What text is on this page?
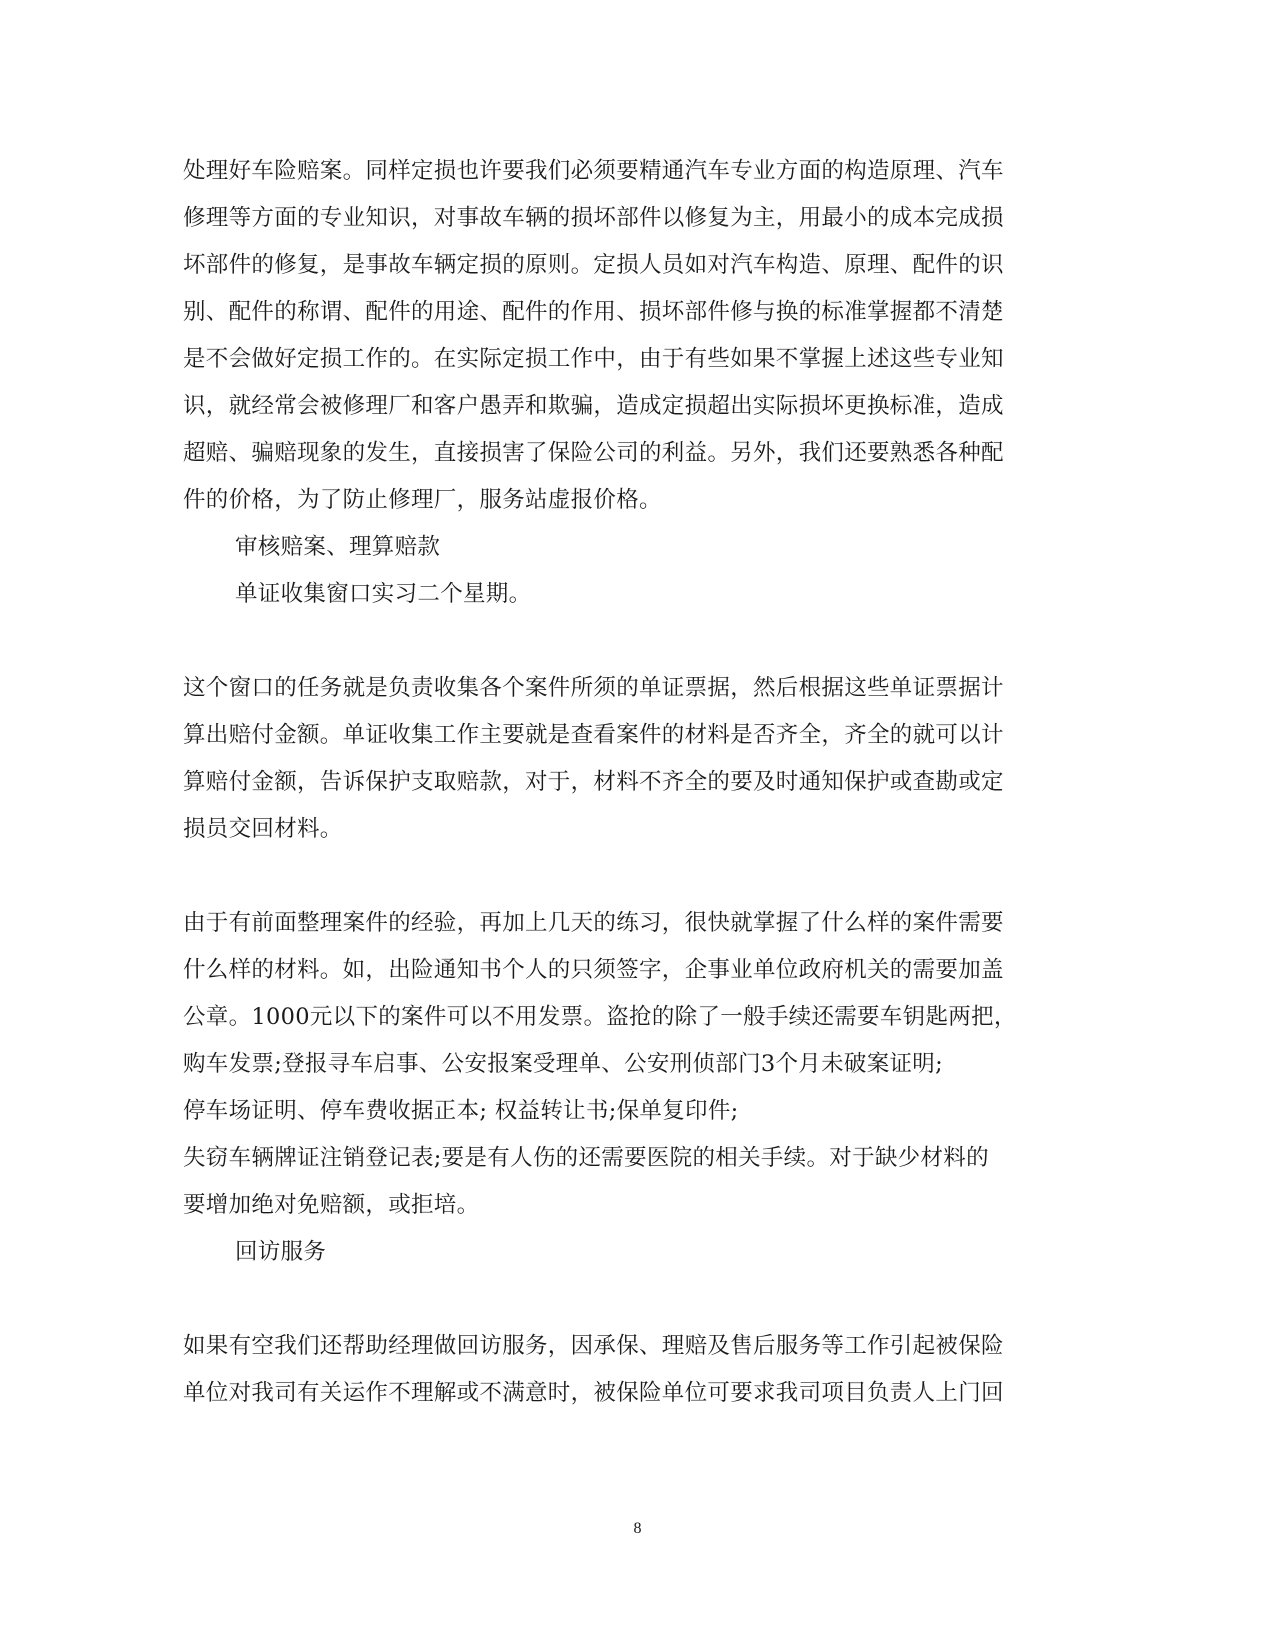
处理好车险赔案。同样定损也许要我们必须要精通汽车专业方面的构造原理、汽车
修理等方面的专业知识，对事故车辆的损坏部件以修复为主，用最小的成本完成损
坏部件的修复，是事故车辆定损的原则。定损人员如对汽车构造、原理、配件的识
别、配件的称谓、配件的用途、配件的作用、损坏部件修与换的标准掌握都不清楚
是不会做好定损工作的。在实际定损工作中，由于有些如果不掌握上述这些专业知
识，就经常会被修理厂和客户愚弄和欺骗，造成定损超出实际损坏更换标准，造成
超赔、骗赔现象的发生，直接损害了保险公司的利益。另外，我们还要熟悉各种配
件的价格，为了防止修理厂，服务站虚报价格。
审核赔案、理算赔款
单证收集窗口实习二个星期。
这个窗口的任务就是负责收集各个案件所须的单证票据，然后根据这些单证票据计
算出赔付金额。单证收集工作主要就是查看案件的材料是否齐全，齐全的就可以计
算赔付金额，告诉保护支取赔款，对于，材料不齐全的要及时通知保护或查勘或定
损员交回材料。
由于有前面整理案件的经验，再加上几天的练习，很快就掌握了什么样的案件需要
什么样的材料。如，出险通知书个人的只须签字，企事业单位政府机关的需要加盖
公章。1000元以下的案件可以不用发票。盗抢的除了一般手续还需要车钥匙两把，
购车发票;登报寻车启事、公安报案受理单、公安刑侦部门3个月未破案证明;
停车场证明、停车费收据正本; 权益转让书;保单复印件;
失窃车辆牌证注销登记表;要是有人伤的还需要医院的相关手续。对于缺少材料的
要增加绝对免赔额，或拒培。
回访服务
如果有空我们还帮助经理做回访服务，因承保、理赔及售后服务等工作引起被保险
单位对我司有关运作不理解或不满意时，被保险单位可要求我司项目负责人上门回
8
